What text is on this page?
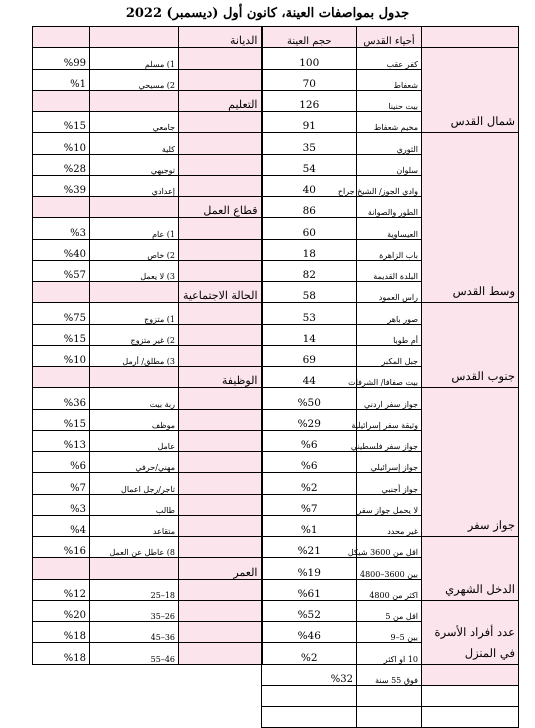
جدول بمواصفات العينة، كانون أول (ديسمبر) 2022
	أحياء القدس	حجم العينة	الديانة		
شمال القدس	كفر عقب	100		1) مسلم	%99
	شعفاط	70		2) مسيحي	%1
	بيت حنينا	126	التعليم		
	مخيم شعفاط	91		جامعي	%15
وسط القدس	الثوري	35		كلية	%10
	سلوان	54		توجيهي	%28
	وادي الجوز/ الشيخ جراح	40		إعدادي	%39
	الطور والصوانة	86	قطاع العمل		
	العيساوية	60		1) عام	%3
	باب الزاهرة	18		2) خاص	%40
	البلدة القديمة	82		3) لا يعمل	%57
	راس العمود	58	الحالة الاجتماعية		
جنوب القدس	صور باهر	53		1) متزوج	%75
	أم طوبا	14		2) غير متزوج	%15
	جبل المكبر	69		3) مطلق/ أرمل	%10
	بيت صفافا/ الشرفات	44	الوظيفة		
جواز سفر	جواز سفر اردني	%50		ربة بيت	%36
	وثيقة سفر إسرائيلية	%29		موظف	%15
	جواز سفر فلسطيني	%6		عامل	%13
	جواز إسرائيلي	%6		مهني/حرفي	%6
	جواز أجنبي	%2		تاجر/رجل اعمال	%7
	لا يحمل جواز سفر	%7		طالب	%3
	غير محدد	%1		متقاعد	%4
الدخل الشهري	اقل من 3600 شيكل	%21		8) عاطل عن العمل	%16
	بين 3600–4800	%19	العمر		
	اكثر من 4800	%61		18–25	%12
عدد أفراد الأسرة في المنزل	اقل من 5	%52		26–35	%20
	بين 5–9	%46		36–45	%18
	10 او اكثر	%2		46–55	%18
	فوق 55 سنة	%32			
